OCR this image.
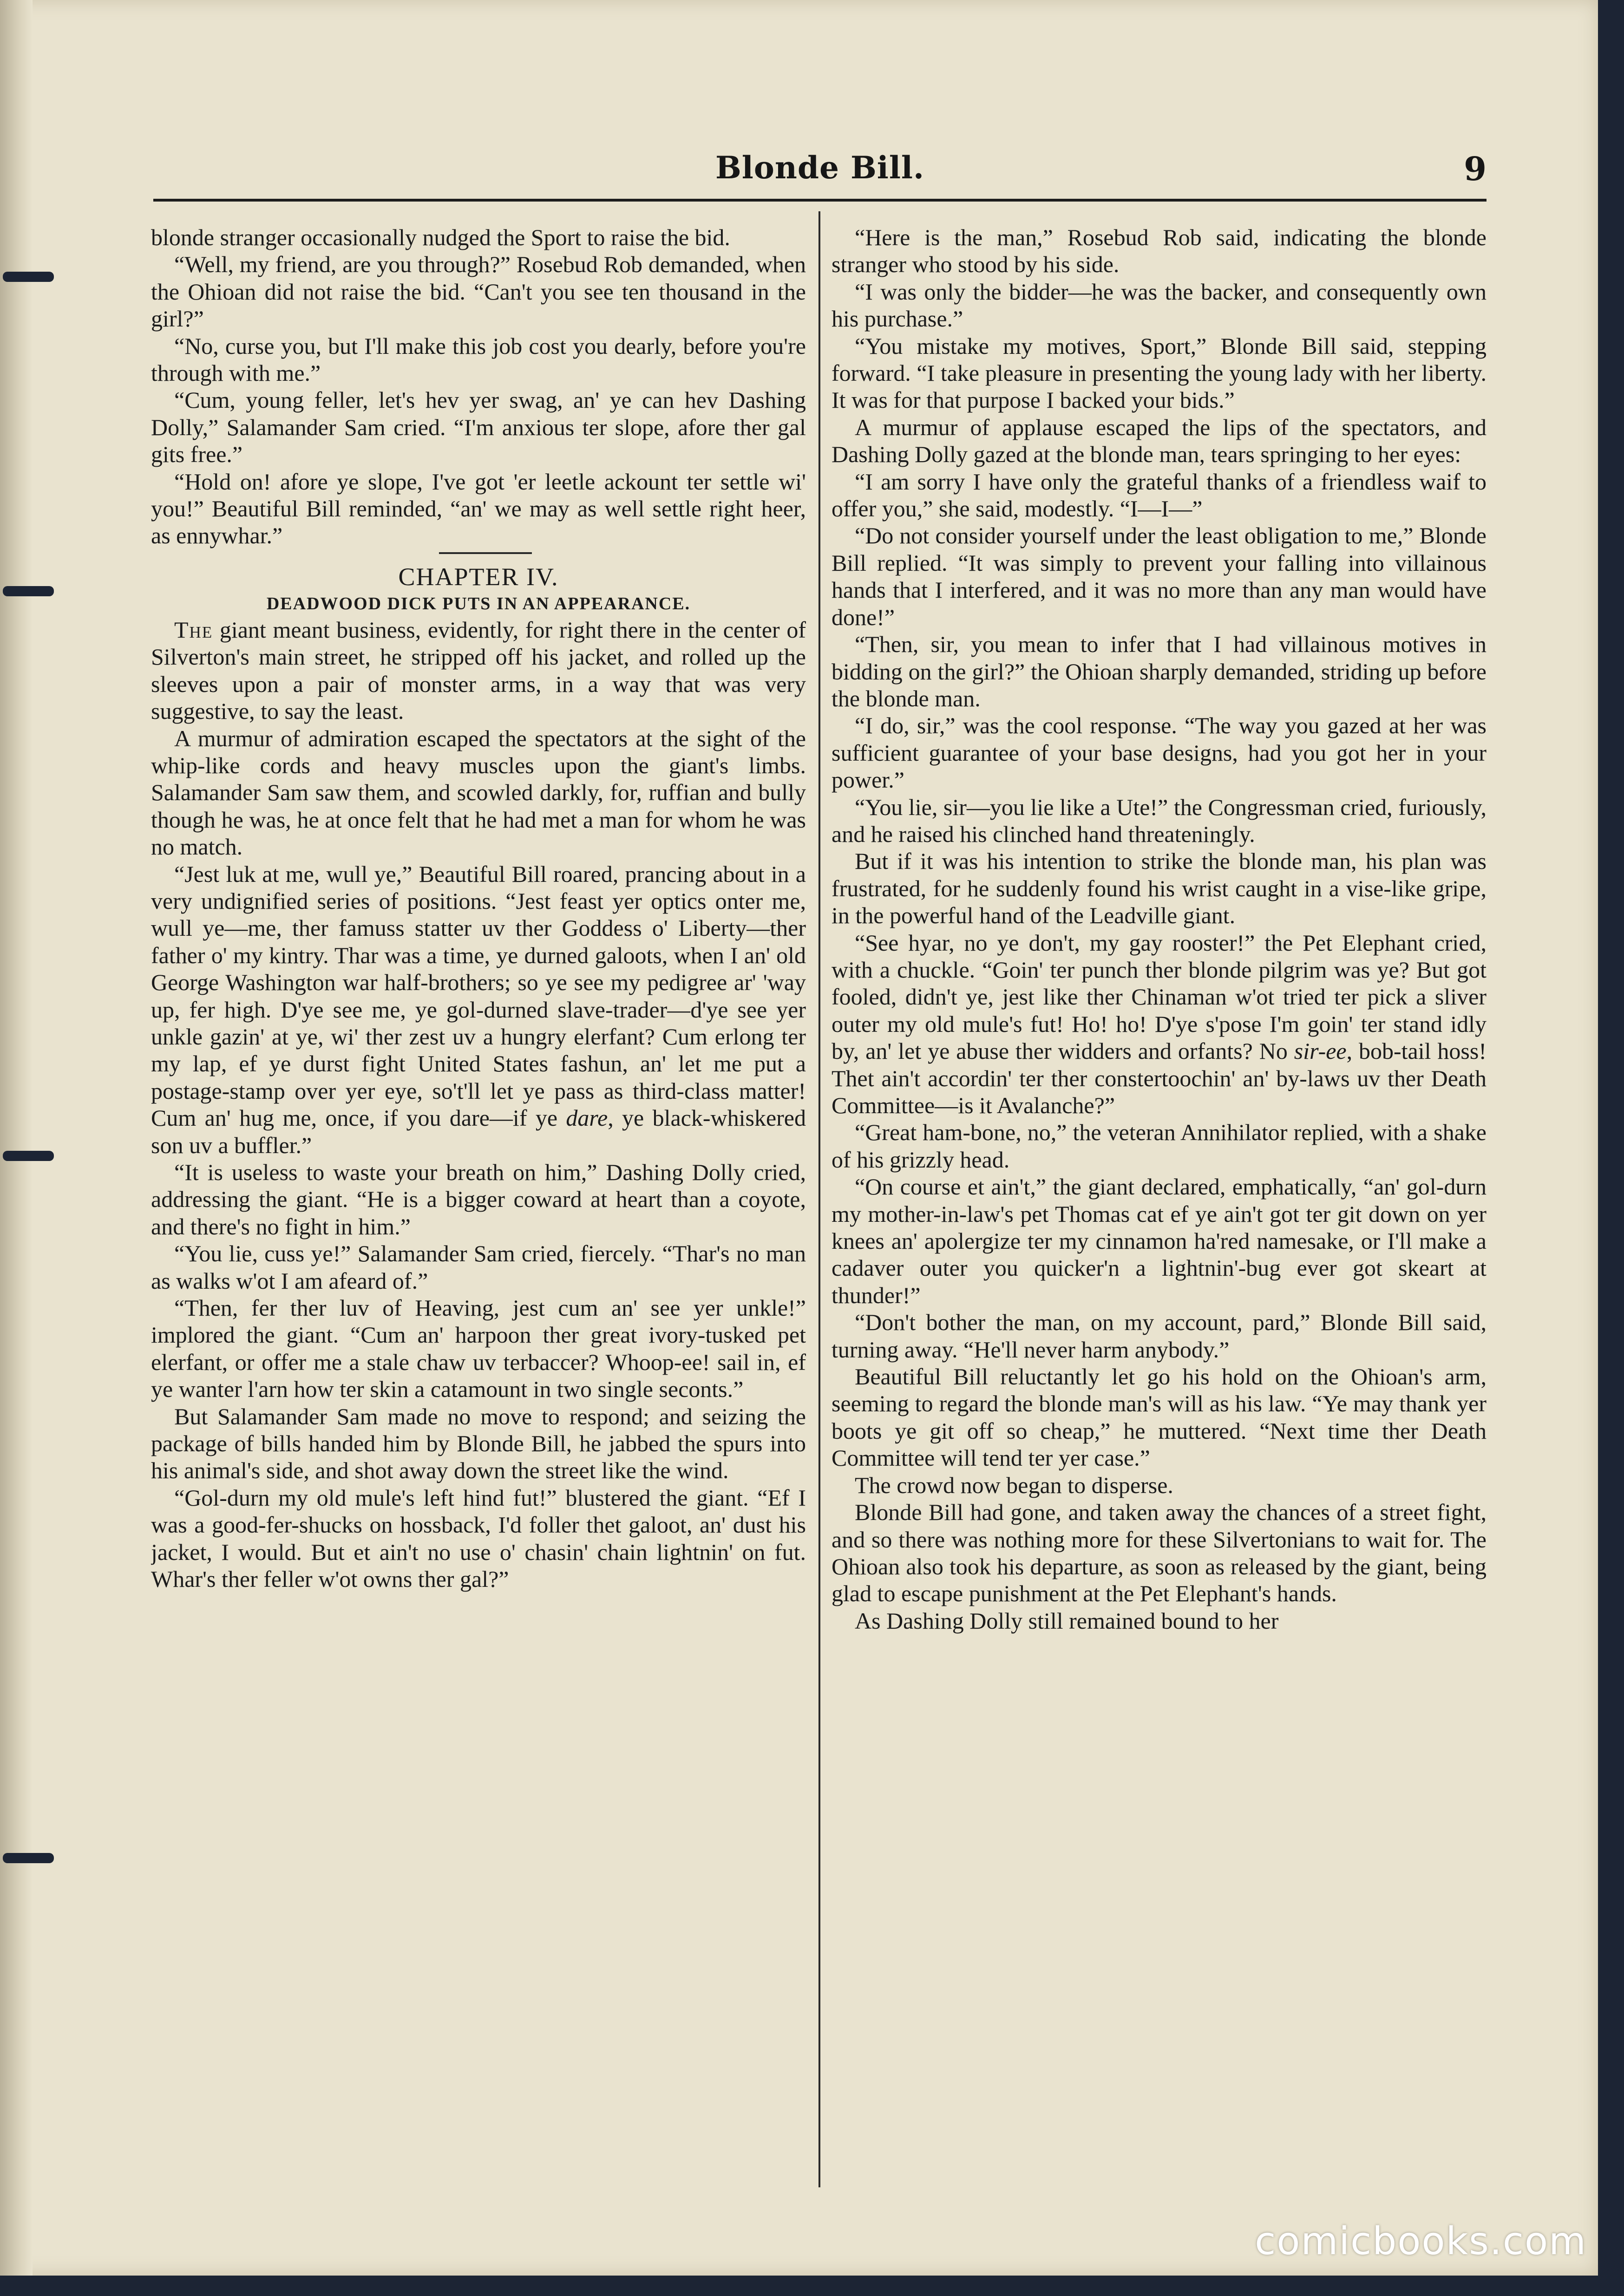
Blonde Bill.	9

blonde stranger occasionally nudged the Sport to raise the bid.

“Well, my friend, are you through?” Rosebud Rob demanded, when the Ohioan did not raise the bid. “Can't you see ten thousand in the girl?”

“No, curse you, but I'll make this job cost you dearly, before you're through with me.”

“Cum, young feller, let's hev yer swag, an' ye can hev Dashing Dolly,” Salamander Sam cried. “I'm anxious ter slope, afore ther gal gits free.”

“Hold on! afore ye slope, I've got 'er leetle ackount ter settle wi' you!” Beautiful Bill reminded, “an' we may as well settle right heer, as ennywhar.”

CHAPTER IV.
DEADWOOD DICK PUTS IN AN APPEARANCE.

The giant meant business, evidently, for right there in the center of Silverton's main street, he stripped off his jacket, and rolled up the sleeves upon a pair of monster arms, in a way that was very suggestive, to say the least.

A murmur of admiration escaped the spectators at the sight of the whip-like cords and heavy muscles upon the giant's limbs. Salamander Sam saw them, and scowled darkly, for, ruffian and bully though he was, he at once felt that he had met a man for whom he was no match.

“Jest luk at me, wull ye,” Beautiful Bill roared, prancing about in a very undignified series of positions. “Jest feast yer optics onter me, wull ye—me, ther famuss statter uv ther Goddess o' Liberty—ther father o' my kintry. Thar was a time, ye durned galoots, when I an' old George Washington war half-brothers; so ye see my pedigree ar' 'way up, fer high. D'ye see me, ye gol-durned slave-trader—d'ye see yer unkle gazin' at ye, wi' ther zest uv a hungry elerfant? Cum erlong ter my lap, ef ye durst fight United States fashun, an' let me put a postage-stamp over yer eye, so't'll let ye pass as third-class matter! Cum an' hug me, once, if you dare—if ye dare, ye black-whiskered son uv a buffler.”

“It is useless to waste your breath on him,” Dashing Dolly cried, addressing the giant. “He is a bigger coward at heart than a coyote, and there's no fight in him.”

“You lie, cuss ye!” Salamander Sam cried, fiercely. “Thar's no man as walks w'ot I am afeard of.”

“Then, fer ther luv of Heaving, jest cum an' see yer unkle!” implored the giant. “Cum an' harpoon ther great ivory-tusked pet elerfant, or offer me a stale chaw uv terbaccer? Whoop-ee! sail in, ef ye wanter l'arn how ter skin a catamount in two single seconts.”

But Salamander Sam made no move to respond; and seizing the package of bills handed him by Blonde Bill, he jabbed the spurs into his animal's side, and shot away down the street like the wind.

“Gol-durn my old mule's left hind fut!” blustered the giant. “Ef I was a good-fer-shucks on hossback, I'd foller thet galoot, an' dust his jacket, I would. But et ain't no use o' chasin' chain lightnin' on fut. Whar's ther feller w'ot owns ther gal?”

“Here is the man,” Rosebud Rob said, indicating the blonde stranger who stood by his side.

“I was only the bidder—he was the backer, and consequently own his purchase.”

“You mistake my motives, Sport,” Blonde Bill said, stepping forward. “I take pleasure in presenting the young lady with her liberty. It was for that purpose I backed your bids.”

A murmur of applause escaped the lips of the spectators, and Dashing Dolly gazed at the blonde man, tears springing to her eyes:

“I am sorry I have only the grateful thanks of a friendless waif to offer you,” she said, modestly. “I—I—”

“Do not consider yourself under the least obligation to me,” Blonde Bill replied. “It was simply to prevent your falling into villainous hands that I interfered, and it was no more than any man would have done!”

“Then, sir, you mean to infer that I had villainous motives in bidding on the girl?” the Ohioan sharply demanded, striding up before the blonde man.

“I do, sir,” was the cool response. “The way you gazed at her was sufficient guarantee of your base designs, had you got her in your power.”

“You lie, sir—you lie like a Ute!” the Congressman cried, furiously, and he raised his clinched hand threateningly.

But if it was his intention to strike the blonde man, his plan was frustrated, for he suddenly found his wrist caught in a vise-like gripe, in the powerful hand of the Leadville giant.

“See hyar, no ye don't, my gay rooster!” the Pet Elephant cried, with a chuckle. “Goin' ter punch ther blonde pilgrim was ye? But got fooled, didn't ye, jest like ther Chinaman w'ot tried ter pick a sliver outer my old mule's fut! Ho! ho! D'ye s'pose I'm goin' ter stand idly by, an' let ye abuse ther widders and orfants? No sir-ee, bob-tail hoss! Thet ain't accordin' ter ther constertoochin' an' by-laws uv ther Death Committee—is it Avalanche?”

“Great ham-bone, no,” the veteran Annihilator replied, with a shake of his grizzly head.

“On course et ain't,” the giant declared, emphatically, “an' gol-durn my mother-in-law's pet Thomas cat ef ye ain't got ter git down on yer knees an' apolergize ter my cinnamon ha'red namesake, or I'll make a cadaver outer you quicker'n a lightnin'-bug ever got skeart at thunder!”

“Don't bother the man, on my account, pard,” Blonde Bill said, turning away. “He'll never harm anybody.”

Beautiful Bill reluctantly let go his hold on the Ohioan's arm, seeming to regard the blonde man's will as his law. “Ye may thank yer boots ye git off so cheap,” he muttered. “Next time ther Death Committee will tend ter yer case.”

The crowd now began to disperse.

Blonde Bill had gone, and taken away the chances of a street fight, and so there was nothing more for these Silvertonians to wait for. The Ohioan also took his departure, as soon as released by the giant, being glad to escape punishment at the Pet Elephant's hands.

As Dashing Dolly still remained bound to her

comicbooks.com
